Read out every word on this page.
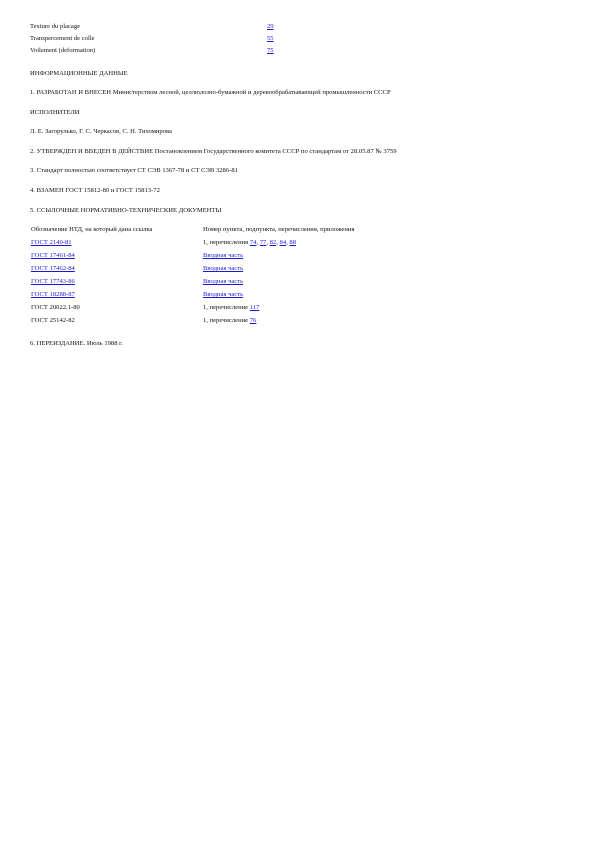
Texture du placage	29
Transpercement de colle	55
Voilement (deformation)	75
ИНФОРМАЦИОННЫЕ ДАННЫЕ
1. РАЗРАБОТАН И ВНЕСЕН Министерством лесной, целлюлозно-бумажной и деревообрабатывающей промышленности СССР
ИСПОЛНИТЕЛИ
Л. Е. Загорулько, Г. С. Черкасов, С. Н. Тихомирова
2. УТВЕРЖДЕН И ВВЕДЕН В ДЕЙСТВИЕ Постановлением Государственного комитета СССР по стандартам от 28.05.87 № 3759
3. Стандарт полностью соответствует СТ СЭВ 1367-78 и СТ СЭВ 3286-81
4. ВЗАМЕН ГОСТ 15812-80 и ГОСТ 15813-72
5. ССЫЛОЧНЫЕ НОРМАТИВНО-ТЕХНИЧЕСКИЕ ДОКУМЕНТЫ
Обозначение НТД, на который дана ссылка	Номер пункта, подпункта, перечисления, приложения
ГОСТ 2140-81	1, перечисления 74, 77, 82, 84, 88
ГОСТ 17461-84	Вводная часть
ГОСТ 17462-84	Вводная часть
ГОСТ 17743-86	Вводная часть
ГОСТ 18288-87	Вводная часть
ГОСТ 20022.1-80	1, перечисление 117
ГОСТ 25142-82	1, перечисление 76
6. ПЕРЕИЗДАНИЕ. Июль 1988 г.
